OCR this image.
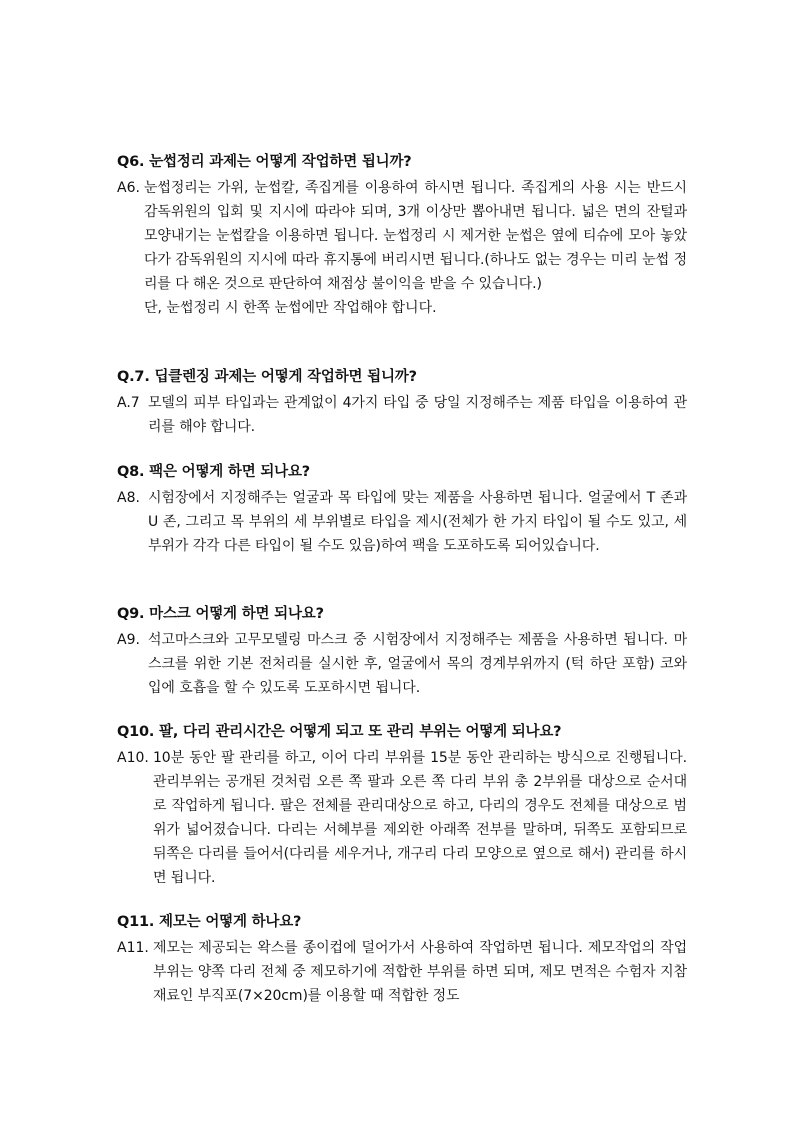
Q6. 눈썹정리 과제는 어떻게 작업하면 됩니까?
A6. 눈썹정리는 가위, 눈썹칼, 족집게를 이용하여 하시면 됩니다. 족집게의 사용 시는 반드시 감독위원의 입회 및 지시에 따라야 되며, 3개 이상만 뽑아내면 됩니다. 넓은 면의 잔털과 모양내기는 눈썹칼을 이용하면 됩니다. 눈썹정리 시 제거한 눈썹은 옆에 티슈에 모아 놓았다가 감독위원의 지시에 따라 휴지통에 버리시면 됩니다.(하나도 없는 경우는 미리 눈썹 정리를 다 해온 것으로 판단하여 채점상 불이익을 받을 수 있습니다.)

단, 눈썹정리 시 한쪽 눈썹에만 작업해야 합니다.

Q.7. 딥클렌징 과제는 어떻게 작업하면 됩니까?
A.7 모델의 피부 타입과는 관계없이 4가지 타입 중 당일 지정해주는 제품 타입을 이용하여 관리를 해야 합니다.

Q8. 팩은 어떻게 하면 되나요?
A8. 시험장에서 지정해주는 얼굴과 목 타입에 맞는 제품을 사용하면 됩니다. 얼굴에서 T 존과 U 존, 그리고 목 부위의 세 부위별로 타입을 제시(전체가 한 가지 타입이 될 수도 있고, 세 부위가 각각 다른 타입이 될 수도 있음)하여 팩을 도포하도록 되어있습니다.

Q9. 마스크 어떻게 하면 되나요?
A9. 석고마스크와 고무모델링 마스크 중 시험장에서 지정해주는 제품을 사용하면 됩니다. 마스크를 위한 기본 전처리를 실시한 후, 얼굴에서 목의 경계부위까지 (턱 하단 포함) 코와 입에 호흡을 할 수 있도록 도포하시면 됩니다.

Q10. 팔, 다리 관리시간은 어떻게 되고 또 관리 부위는 어떻게 되나요?
A10. 10분 동안 팔 관리를 하고, 이어 다리 부위를 15분 동안 관리하는 방식으로 진행됩니다. 관리부위는 공개된 것처럼 오른 쪽 팔과 오른 쪽 다리 부위 총 2부위를 대상으로 순서대로 작업하게 됩니다. 팔은 전체를 관리대상으로 하고, 다리의 경우도 전체를 대상으로 범위가 넓어졌습니다. 다리는 서혜부를 제외한 아래쪽 전부를 말하며, 뒤쪽도 포함되므로 뒤쪽은 다리를 들어서(다리를 세우거나, 개구리 다리 모양으로 옆으로 해서) 관리를 하시면 됩니다.

Q11. 제모는 어떻게 하나요?
A11. 제모는 제공되는 왁스를 종이컵에 덜어가서 사용하여 작업하면 됩니다. 제모작업의 작업 부위는 양쪽 다리 전체 중 제모하기에 적합한 부위를 하면 되며, 제모 면적은 수험자 지참 재료인 부직포(7×20cm)를 이용할 때 적합한 정도
